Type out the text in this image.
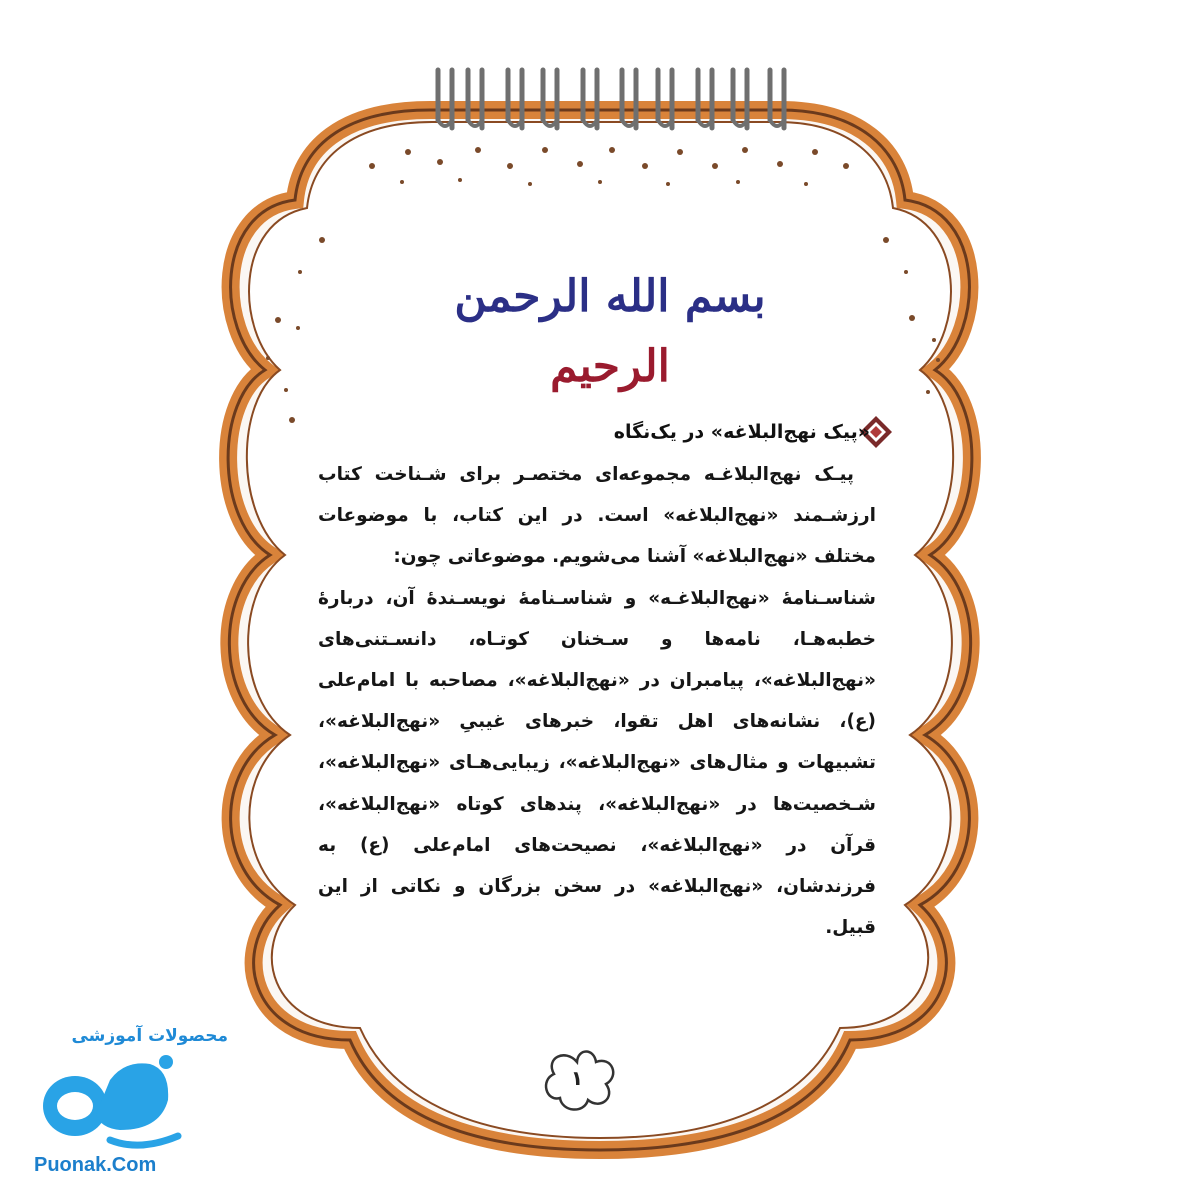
بسم الله الرحمن الرحيم
«پیک نهج‌البلاغه» در یک‌نگاه

پیـک نهج‌البلاغـه مجموعه‌ای مختصـر برای شـناخت کتاب ارزشـمند «نهج‌البلاغه» است. در این کتاب، با موضوعات مختلف «نهج‌البلاغه» آشنا می‌شویم. موضوعاتی چون:

شناسـنامۀ «نهج‌البلاغـه» و شناسـنامۀ نویسـندۀ آن، دربارۀ خطبه‌هـا، نامه‌ها و سـخنان کوتـاه، دانسـتنی‌های «نهج‌البلاغه»، پیامبران در «نهج‌البلاغه»، مصاحبه با امام‌علی (ع)، نشانه‌های اهل تقوا، خبرهای غیبیِ «نهج‌البلاغه»، تشبیهات و مثال‌های «نهج‌البلاغه»، زیبایی‌هـای «نهج‌البلاغه»، شـخصیت‌ها در «نهج‌البلاغه»، پندهای کوتاه «نهج‌البلاغه»، قرآن در «نهج‌البلاغه»، نصیحت‌های امام‌علی (ع) به فرزندشان، «نهج‌البلاغه» در سخن بزرگان و نکاتی از این قبیل.

١
محصولات آموزشی
Puonak.Com
